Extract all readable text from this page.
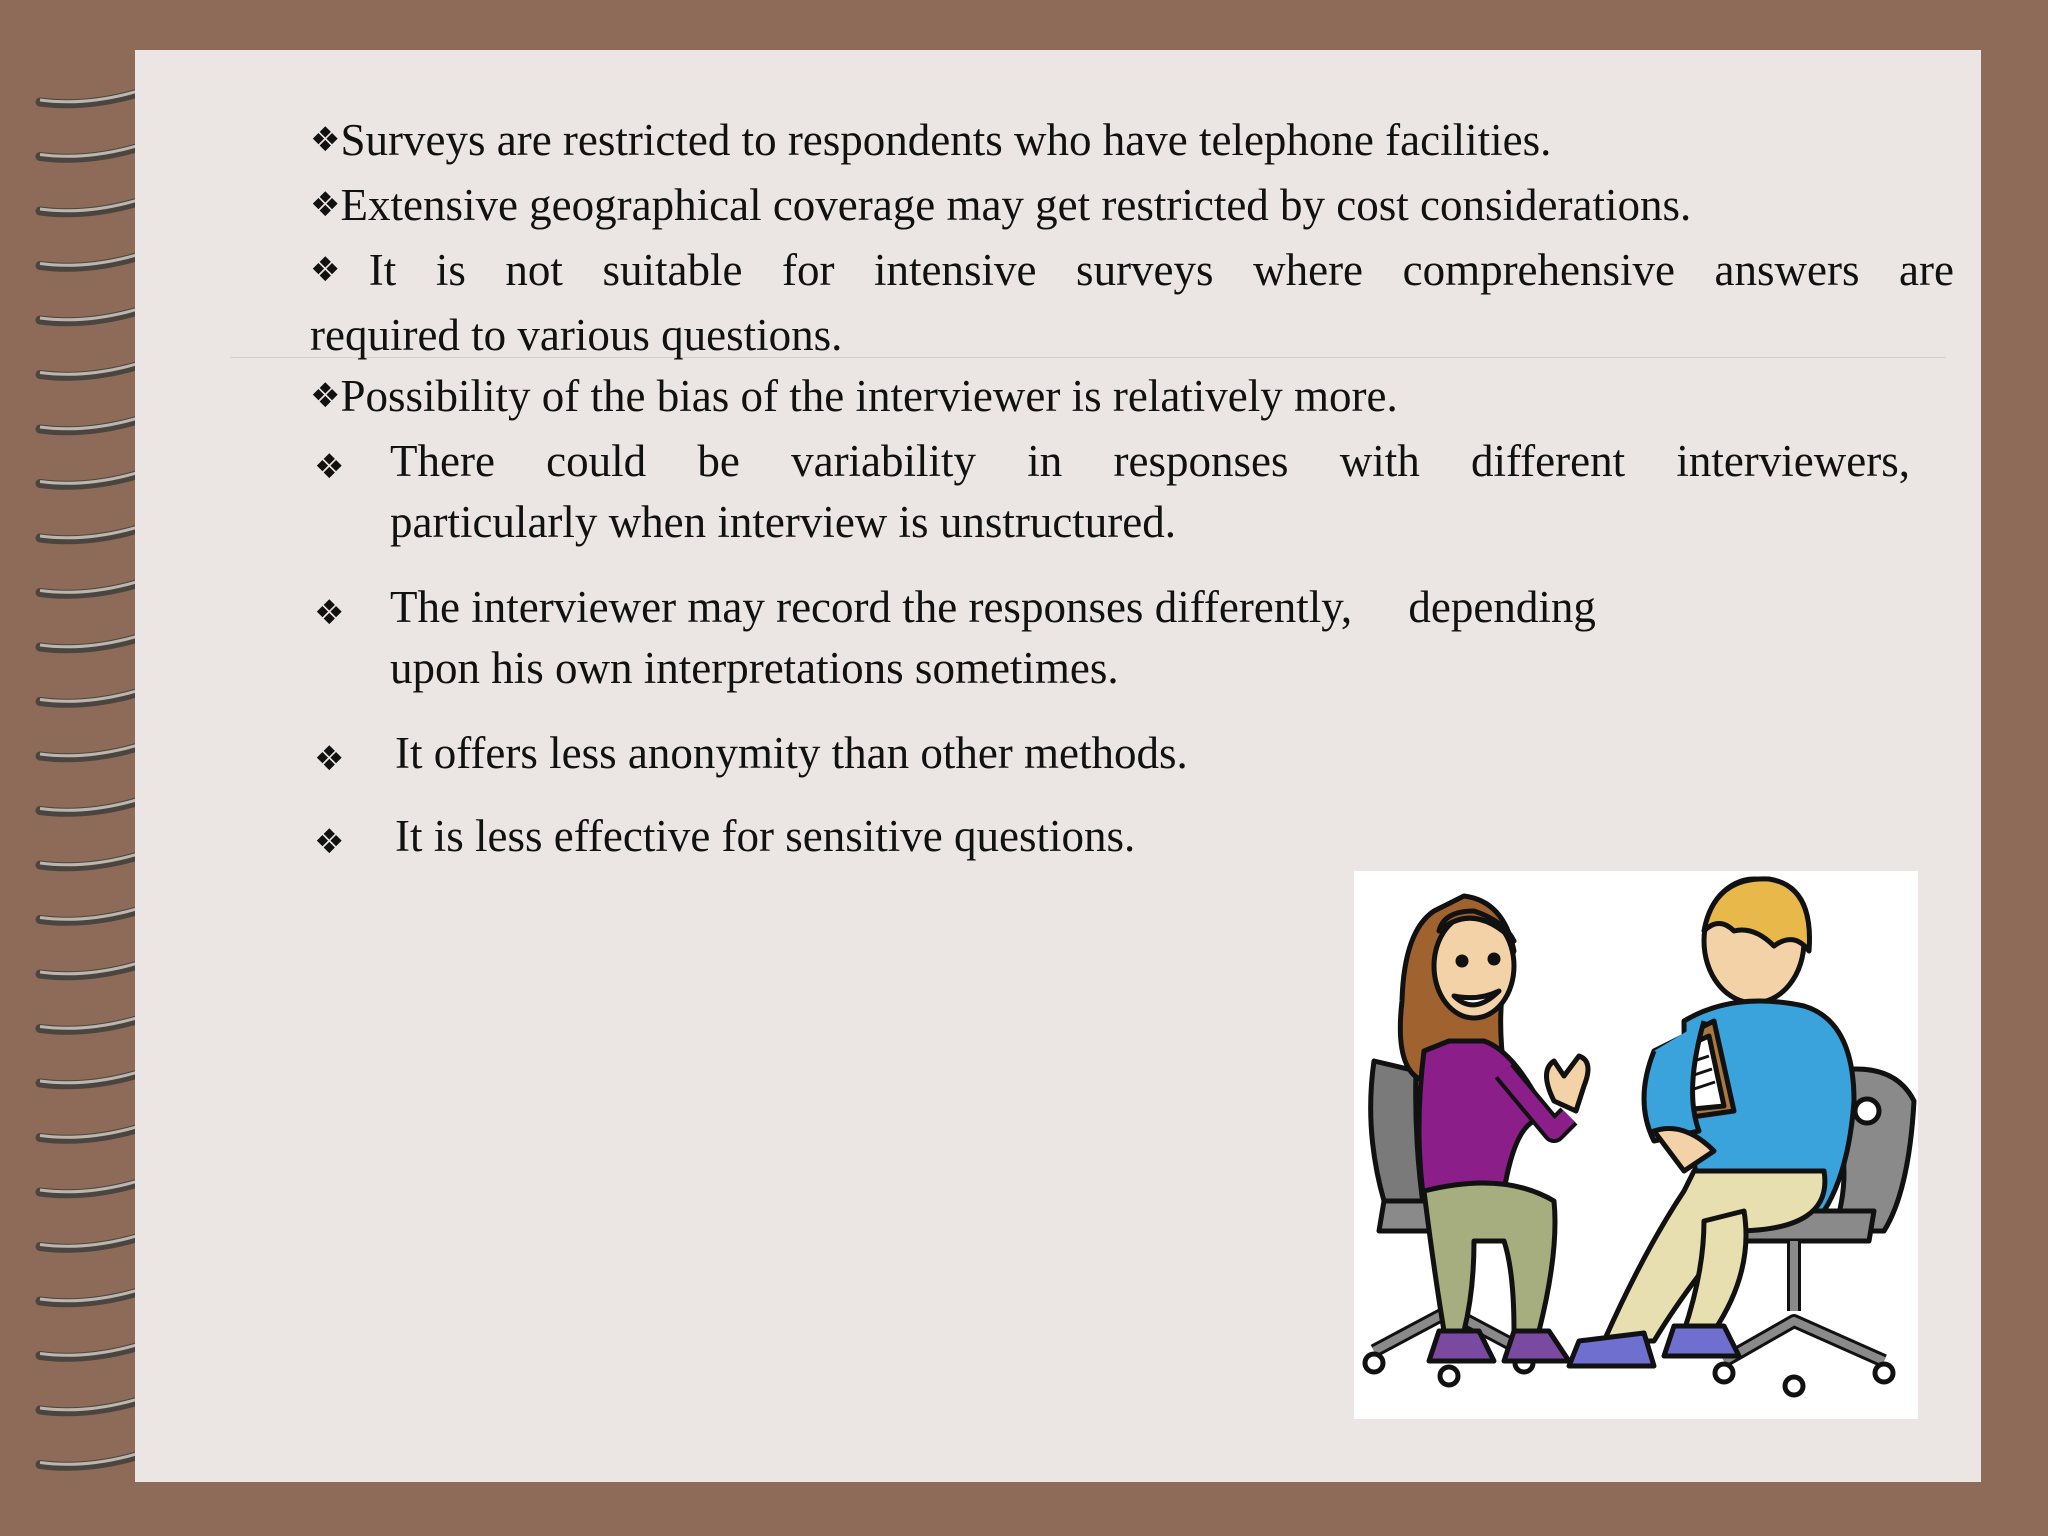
❖Surveys are restricted to respondents who have telephone facilities.
❖Extensive geographical coverage may get restricted by cost considerations.
❖It is not suitable for intensive surveys where comprehensive answers are
required to various questions.
❖Possibility of the bias of the interviewer is relatively more.
❖ There could be variability in responses with different interviewers,
particularly when interview is unstructured.
❖ The interviewer may record the responses differently,     depending
upon his own interpretations sometimes.
❖ It offers less anonymity than other methods.
❖ It is less effective for sensitive questions.
